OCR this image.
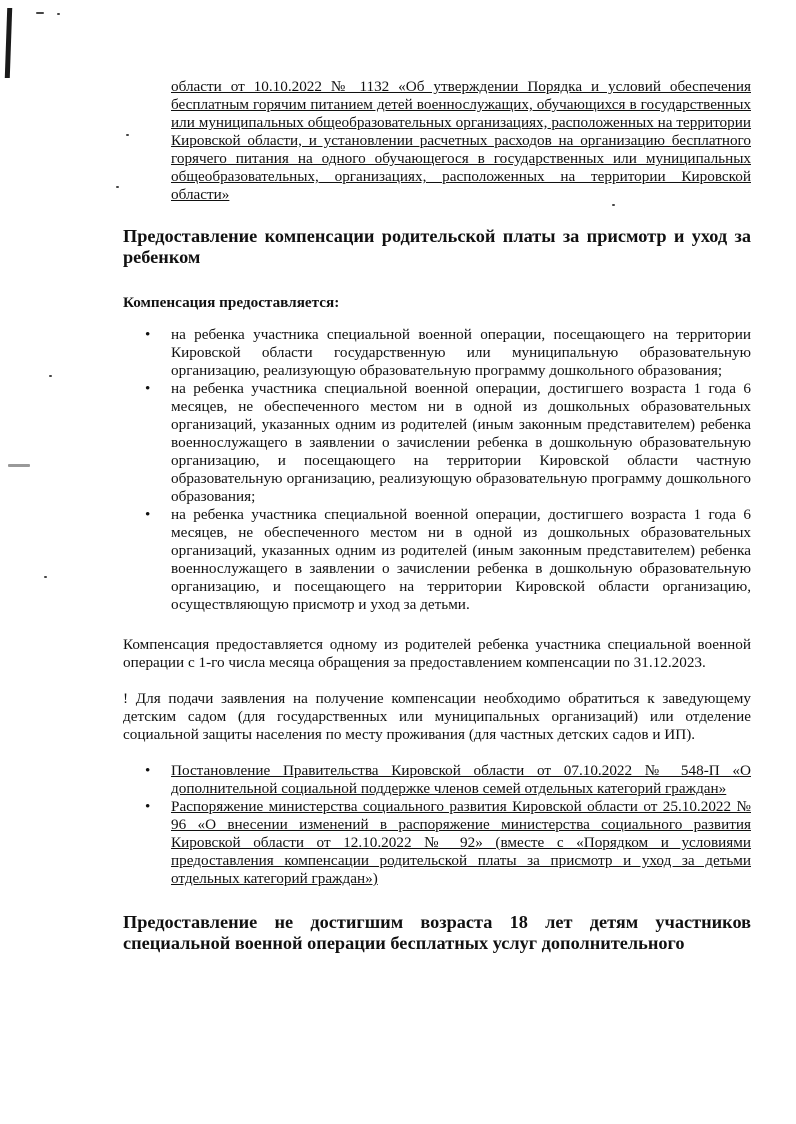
области от 10.10.2022 № 1132 «Об утверждении Порядка и условий обеспечения бесплатным горячим питанием детей военнослужащих, обучающихся в государственных или муниципальных общеобразовательных организациях, расположенных на территории Кировской области, и установлении расчетных расходов на организацию бесплатного горячего питания на одного обучающегося в государственных или муниципальных общеобразовательных, организациях, расположенных на территории Кировской области»

Предоставление компенсации родительской платы за присмотр и уход за ребенком

Компенсация предоставляется:

• на ребенка участника специальной военной операции, посещающего на территории Кировской области государственную или муниципальную образовательную организацию, реализующую образовательную программу дошкольного образования;
• на ребенка участника специальной военной операции, достигшего возраста 1 года 6 месяцев, не обеспеченного местом ни в одной из дошкольных образовательных организаций, указанных одним из родителей (иным законным представителем) ребенка военнослужащего в заявлении о зачислении ребенка в дошкольную образовательную организацию, и посещающего на территории Кировской области частную образовательную организацию, реализующую образовательную программу дошкольного образования;
• на ребенка участника специальной военной операции, достигшего возраста 1 года 6 месяцев, не обеспеченного местом ни в одной из дошкольных образовательных организаций, указанных одним из родителей (иным законным представителем) ребенка военнослужащего в заявлении о зачислении ребенка в дошкольную образовательную организацию, и посещающего на территории Кировской области организацию, осуществляющую присмотр и уход за детьми.

Компенсация предоставляется одному из родителей ребенка участника специальной военной операции с 1-го числа месяца обращения за предоставлением компенсации по 31.12.2023.

! Для подачи заявления на получение компенсации необходимо обратиться к заведующему детским садом (для государственных или муниципальных организаций) или отделение социальной защиты населения по месту проживания (для частных детских садов и ИП).

• Постановление Правительства Кировской области от 07.10.2022 № 548-П «О дополнительной социальной поддержке членов семей отдельных категорий граждан»
• Распоряжение министерства социального развития Кировской области от 25.10.2022 № 96 «О внесении изменений в распоряжение министерства социального развития Кировской области от 12.10.2022 № 92» (вместе с «Порядком и условиями предоставления компенсации родительской платы за присмотр и уход за детьми отдельных категорий граждан»)
Предоставление не достигшим возраста 18 лет детям участников специальной военной операции бесплатных услуг дополнительного
